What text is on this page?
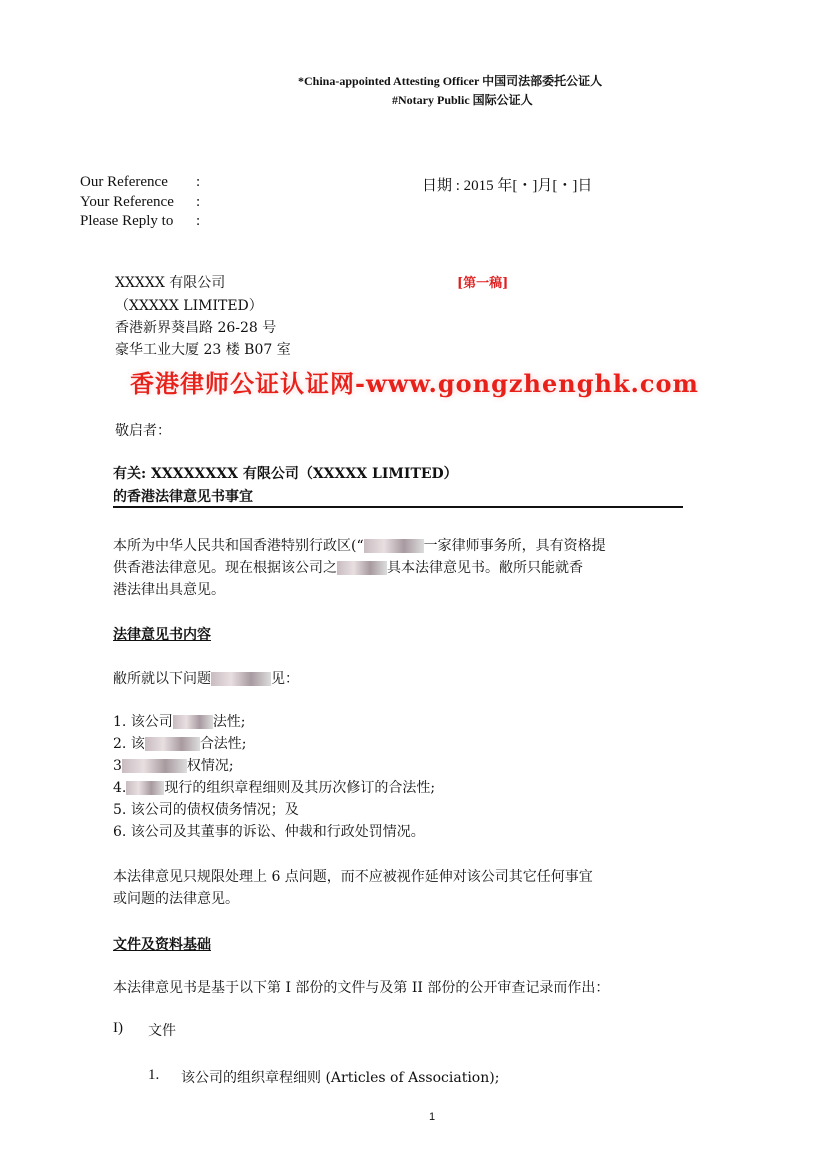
*China-appointed Attesting Officer 中国司法部委托公证人
#Notary Public 国际公证人
Our Reference :
Your Reference :
Please Reply to :
日期 : 2015 年[・]月[・]日
XXXXX 有限公司	[第一稿]
（XXXXX LIMITED）
香港新界葵昌路 26-28 号
豪华工业大厦 23 楼 B07 室
香港律师公证认证网-www.gongzhenghk.com
敬启者：
有关: XXXXXXXX 有限公司（XXXXX LIMITED）
的香港法律意见书事宜
本所为中华人民共和国香港特别行政区(“	一家律师事务所，具有资格提
供香港法律意见。现在根据该公司之	具本法律意见书。敝所只能就香
港法律出具意见。
法律意见书内容
敝所就以下问题	见：
1. 该公司	法性;
2. 该	合法性;
3	权情况;
4.	现行的组织章程细则及其历次修订的合法性;
5. 该公司的债权债务情况；及
6. 该公司及其董事的诉讼、仲裁和行政处罚情况。
本法律意见只规限处理上 6 点问题，而不应被视作延伸对该公司其它任何事宜
或问题的法律意见。
文件及资料基础
本法律意见书是基于以下第 I 部份的文件与及第 II 部份的公开审查记录而作出：
I) 文件
1. 该公司的组织章程细则 (Articles of Association);
1
